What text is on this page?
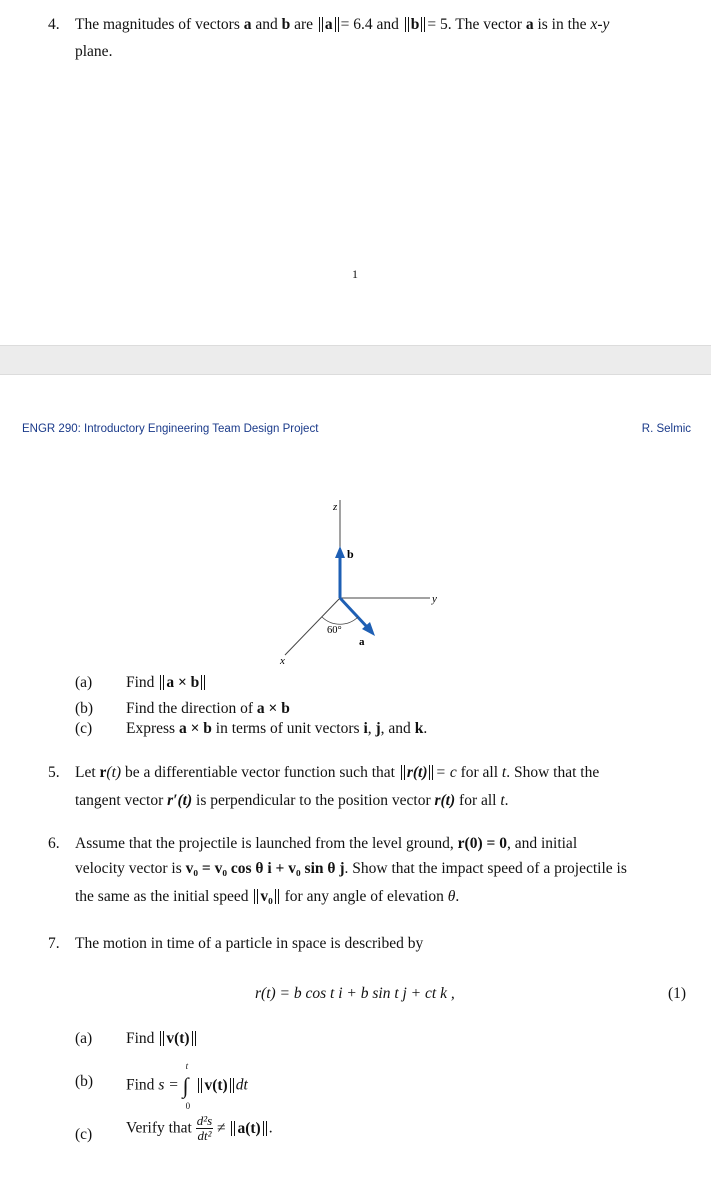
4. The magnitudes of vectors a and b are a = 6.4 and b = 5. The vector a is in the x-y
plane.
1
ENGR 290: Introductory Engineering Team Design Project	R. Selmic
z
y
x
b
a
60°
(a) Find a × b
(b) Find the direction of a × b
(c) Express a × b in terms of unit vectors i, j, and k.
5. Let r(t) be a differentiable vector function such that r(t) = c for all t. Show that the
tangent vector r′(t) is perpendicular to the position vector r(t) for all t.
6. Assume that the projectile is launched from the level ground, r(0) = 0, and initial
velocity vector is v₀ = v₀ cos θ i + v₀ sin θ j. Show that the impact speed of a projectile is
the same as the initial speed v₀ for any angle of elevation θ.
7. The motion in time of a particle in space is described by
r(t) = b cos t i + b sin t j + ct k ,	(1)
(a) Find v(t)
(b) Find s = ∫
t
0
v(t) dt
(c) Verify that $\frac{\text{d²s}}{\text{dt²}} \ne a(t)$ .
